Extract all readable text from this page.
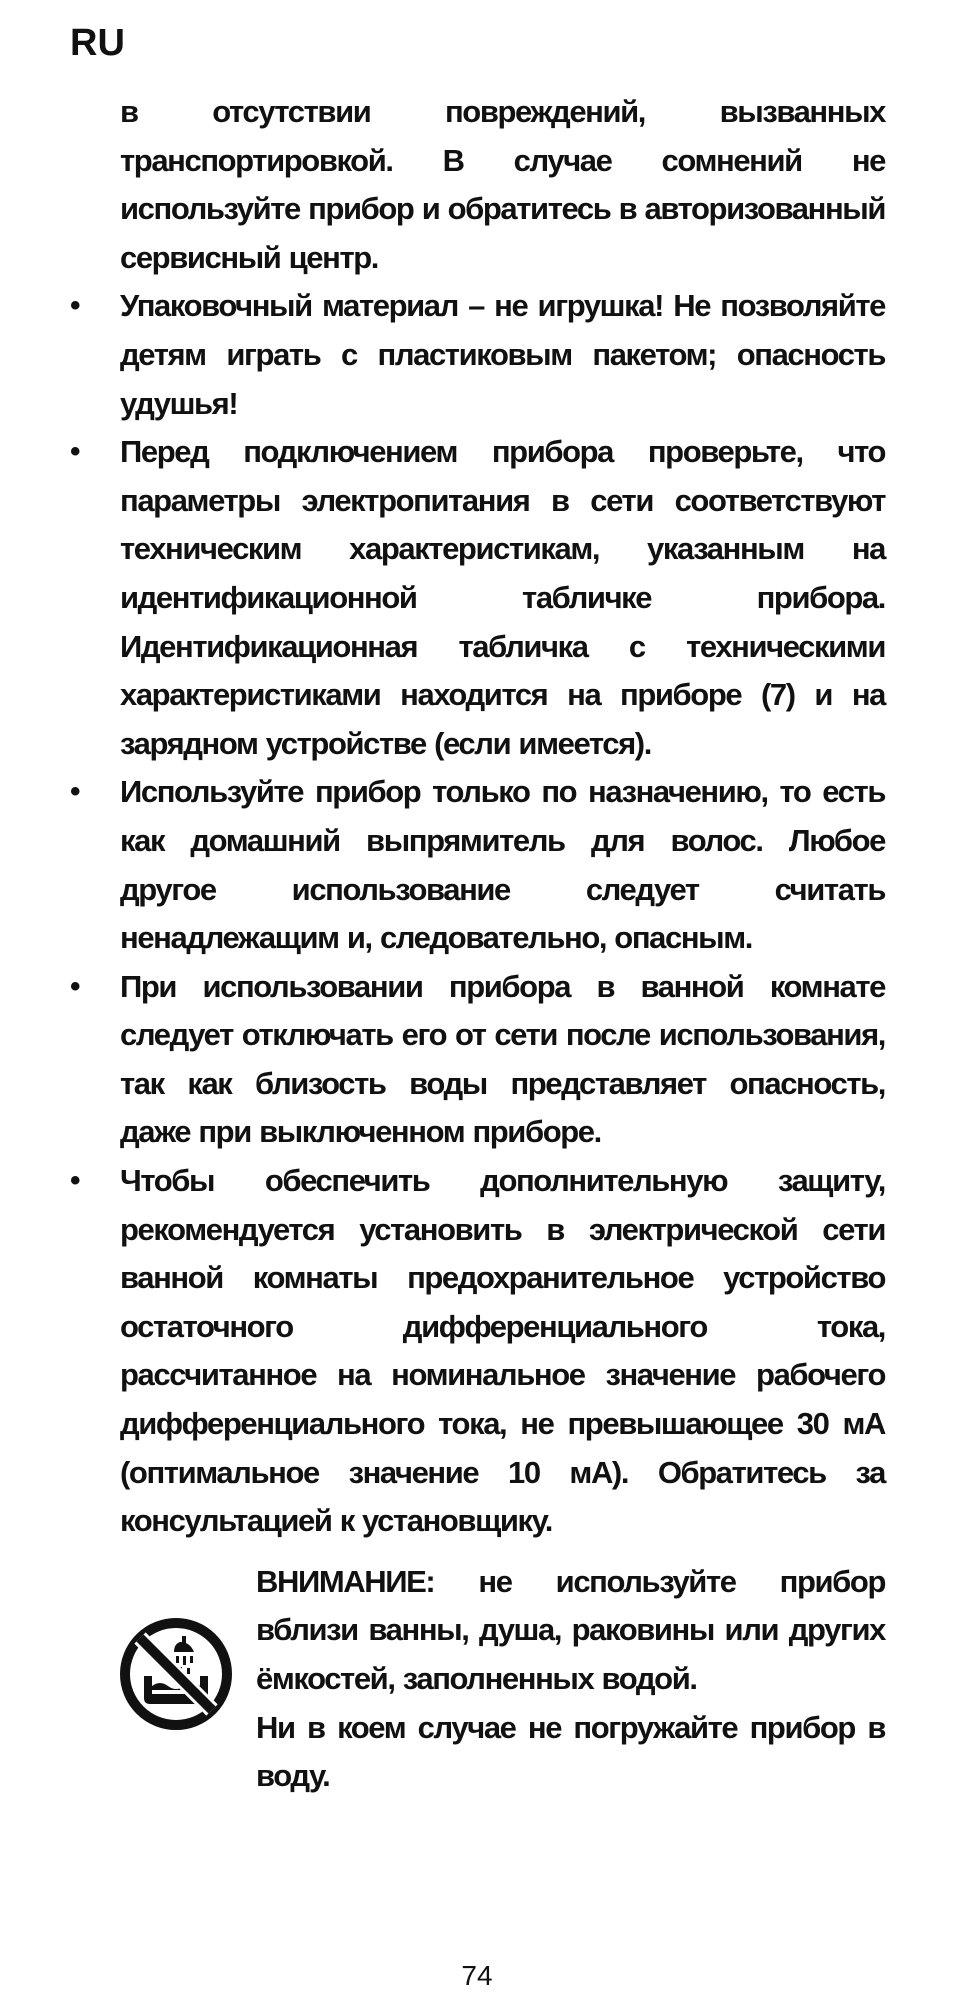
RU

в отсутствии повреждений, вызванных транспортировкой. В случае сомнений не используйте прибор и обратитесь в авторизованный сервисный центр.

•	Упаковочный материал – не игрушка! Не позволяйте детям играть с пластиковым пакетом; опасность удушья!

•	Перед подключением прибора проверьте, что параметры электропитания в сети соответствуют техническим характеристикам, указанным на идентификационной табличке прибора. Идентификационная табличка с техническими характеристиками находится на приборе (7) и на зарядном устройстве (если имеется).

•	Используйте прибор только по назначению, то есть как домашний выпрямитель для волос. Любое другое использование следует считать ненадлежащим и, следовательно, опасным.

•	При использовании прибора в ванной комнате следует отключать его от сети после использования, так как близость воды представляет опасность, даже при выключенном приборе.

•	Чтобы обеспечить дополнительную защиту, рекомендуется установить в электрической сети ванной комнаты предохранительное устройство остаточного дифференциального тока, рассчитанное на номинальное значение рабочего дифференциального тока, не превышающее 30 мА (оптимальное значение 10 мА). Обратитесь за консультацией к установщику.

ВНИМАНИЕ: не используйте прибор вблизи ванны, душа, раковины или других ёмкостей, заполненных водой.

Ни в коем случае не погружайте прибор в воду.

74
